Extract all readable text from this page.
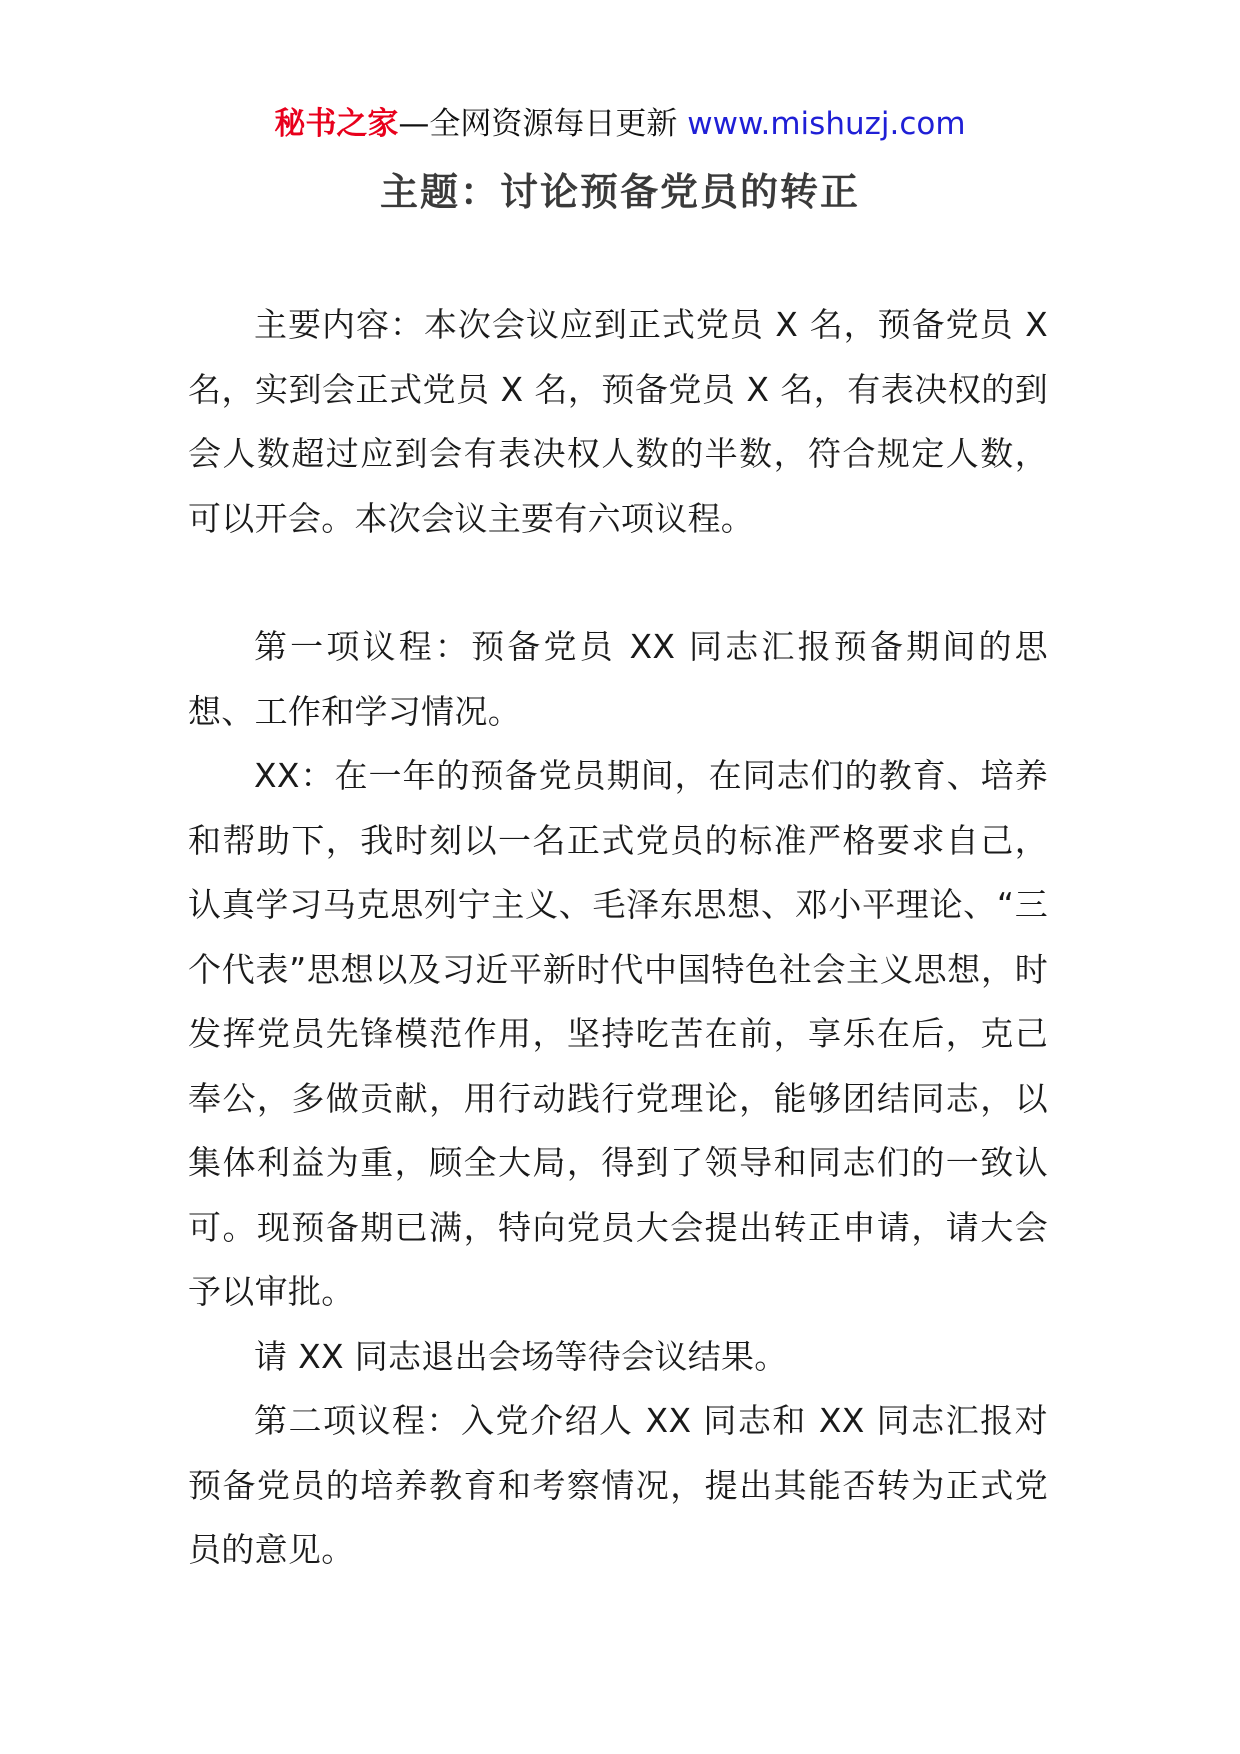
秘书之家—全网资源每日更新 www.mishuzj.com
主题：讨论预备党员的转正

主要内容：本次会议应到正式党员 X 名，预备党员 X 名，实到会正式党员 X 名，预备党员 X 名，有表决权的到会人数超过应到会有表决权人数的半数，符合规定人数，可以开会。本次会议主要有六项议程。

第一项议程：预备党员 XX 同志汇报预备期间的思想、工作和学习情况。

XX：在一年的预备党员期间，在同志们的教育、培养和帮助下，我时刻以一名正式党员的标准严格要求自己，认真学习马克思列宁主义、毛泽东思想、邓小平理论、“三个代表”思想以及习近平新时代中国特色社会主义思想，时发挥党员先锋模范作用，坚持吃苦在前，享乐在后，克己奉公，多做贡献，用行动践行党理论，能够团结同志，以集体利益为重，顾全大局，得到了领导和同志们的一致认可。现预备期已满，特向党员大会提出转正申请，请大会予以审批。

请 XX 同志退出会场等待会议结果。

第二项议程：入党介绍人 XX 同志和 XX 同志汇报对预备党员的培养教育和考察情况，提出其能否转为正式党员的意见。
